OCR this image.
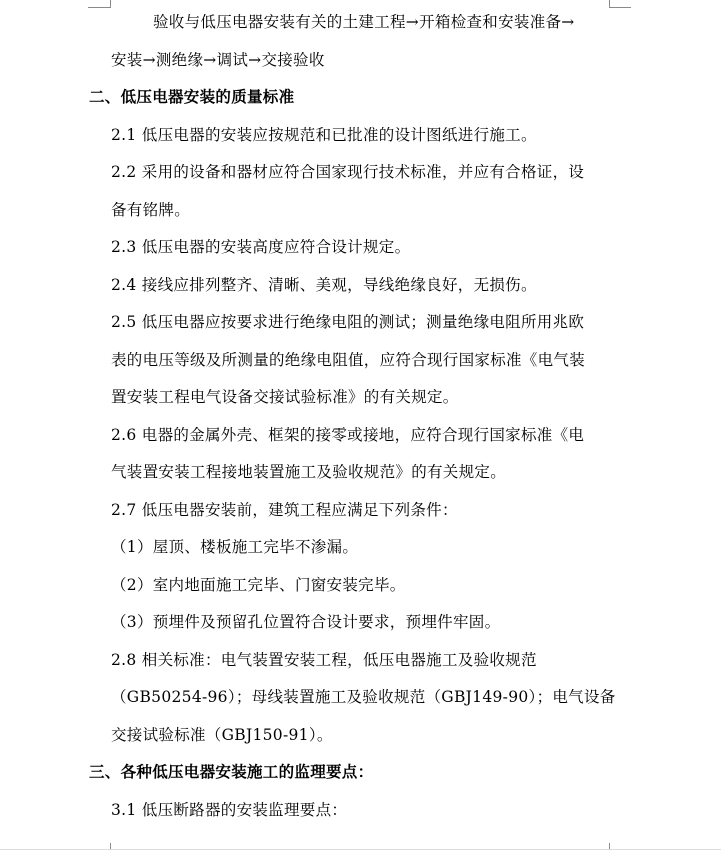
验收与低压电器安装有关的土建工程→开箱检查和安装准备→
安装→测绝缘→调试→交接验收
二、低压电器安装的质量标准
2.1 低压电器的安装应按规范和已批准的设计图纸进行施工。
2.2 采用的设备和器材应符合国家现行技术标准，并应有合格证，设
备有铭牌。
2.3 低压电器的安装高度应符合设计规定。
2.4 接线应排列整齐、清晰、美观，导线绝缘良好，无损伤。
2.5 低压电器应按要求进行绝缘电阻的测试；测量绝缘电阻所用兆欧
表的电压等级及所测量的绝缘电阻值，应符合现行国家标准《电气装
置安装工程电气设备交接试验标准》的有关规定。
2.6 电器的金属外壳、框架的接零或接地，应符合现行国家标准《电
气装置安装工程接地装置施工及验收规范》的有关规定。
2.7 低压电器安装前，建筑工程应满足下列条件：
（1）屋顶、楼板施工完毕不渗漏。
（2）室内地面施工完毕、门窗安装完毕。
（3）预埋件及预留孔位置符合设计要求，预埋件牢固。
2.8 相关标准：电气装置安装工程，低压电器施工及验收规范
（GB50254-96）；母线装置施工及验收规范（GBJ149-90）；电气设备
交接试验标准（GBJ150-91）。
三、各种低压电器安装施工的监理要点：
3.1 低压断路器的安装监理要点：
